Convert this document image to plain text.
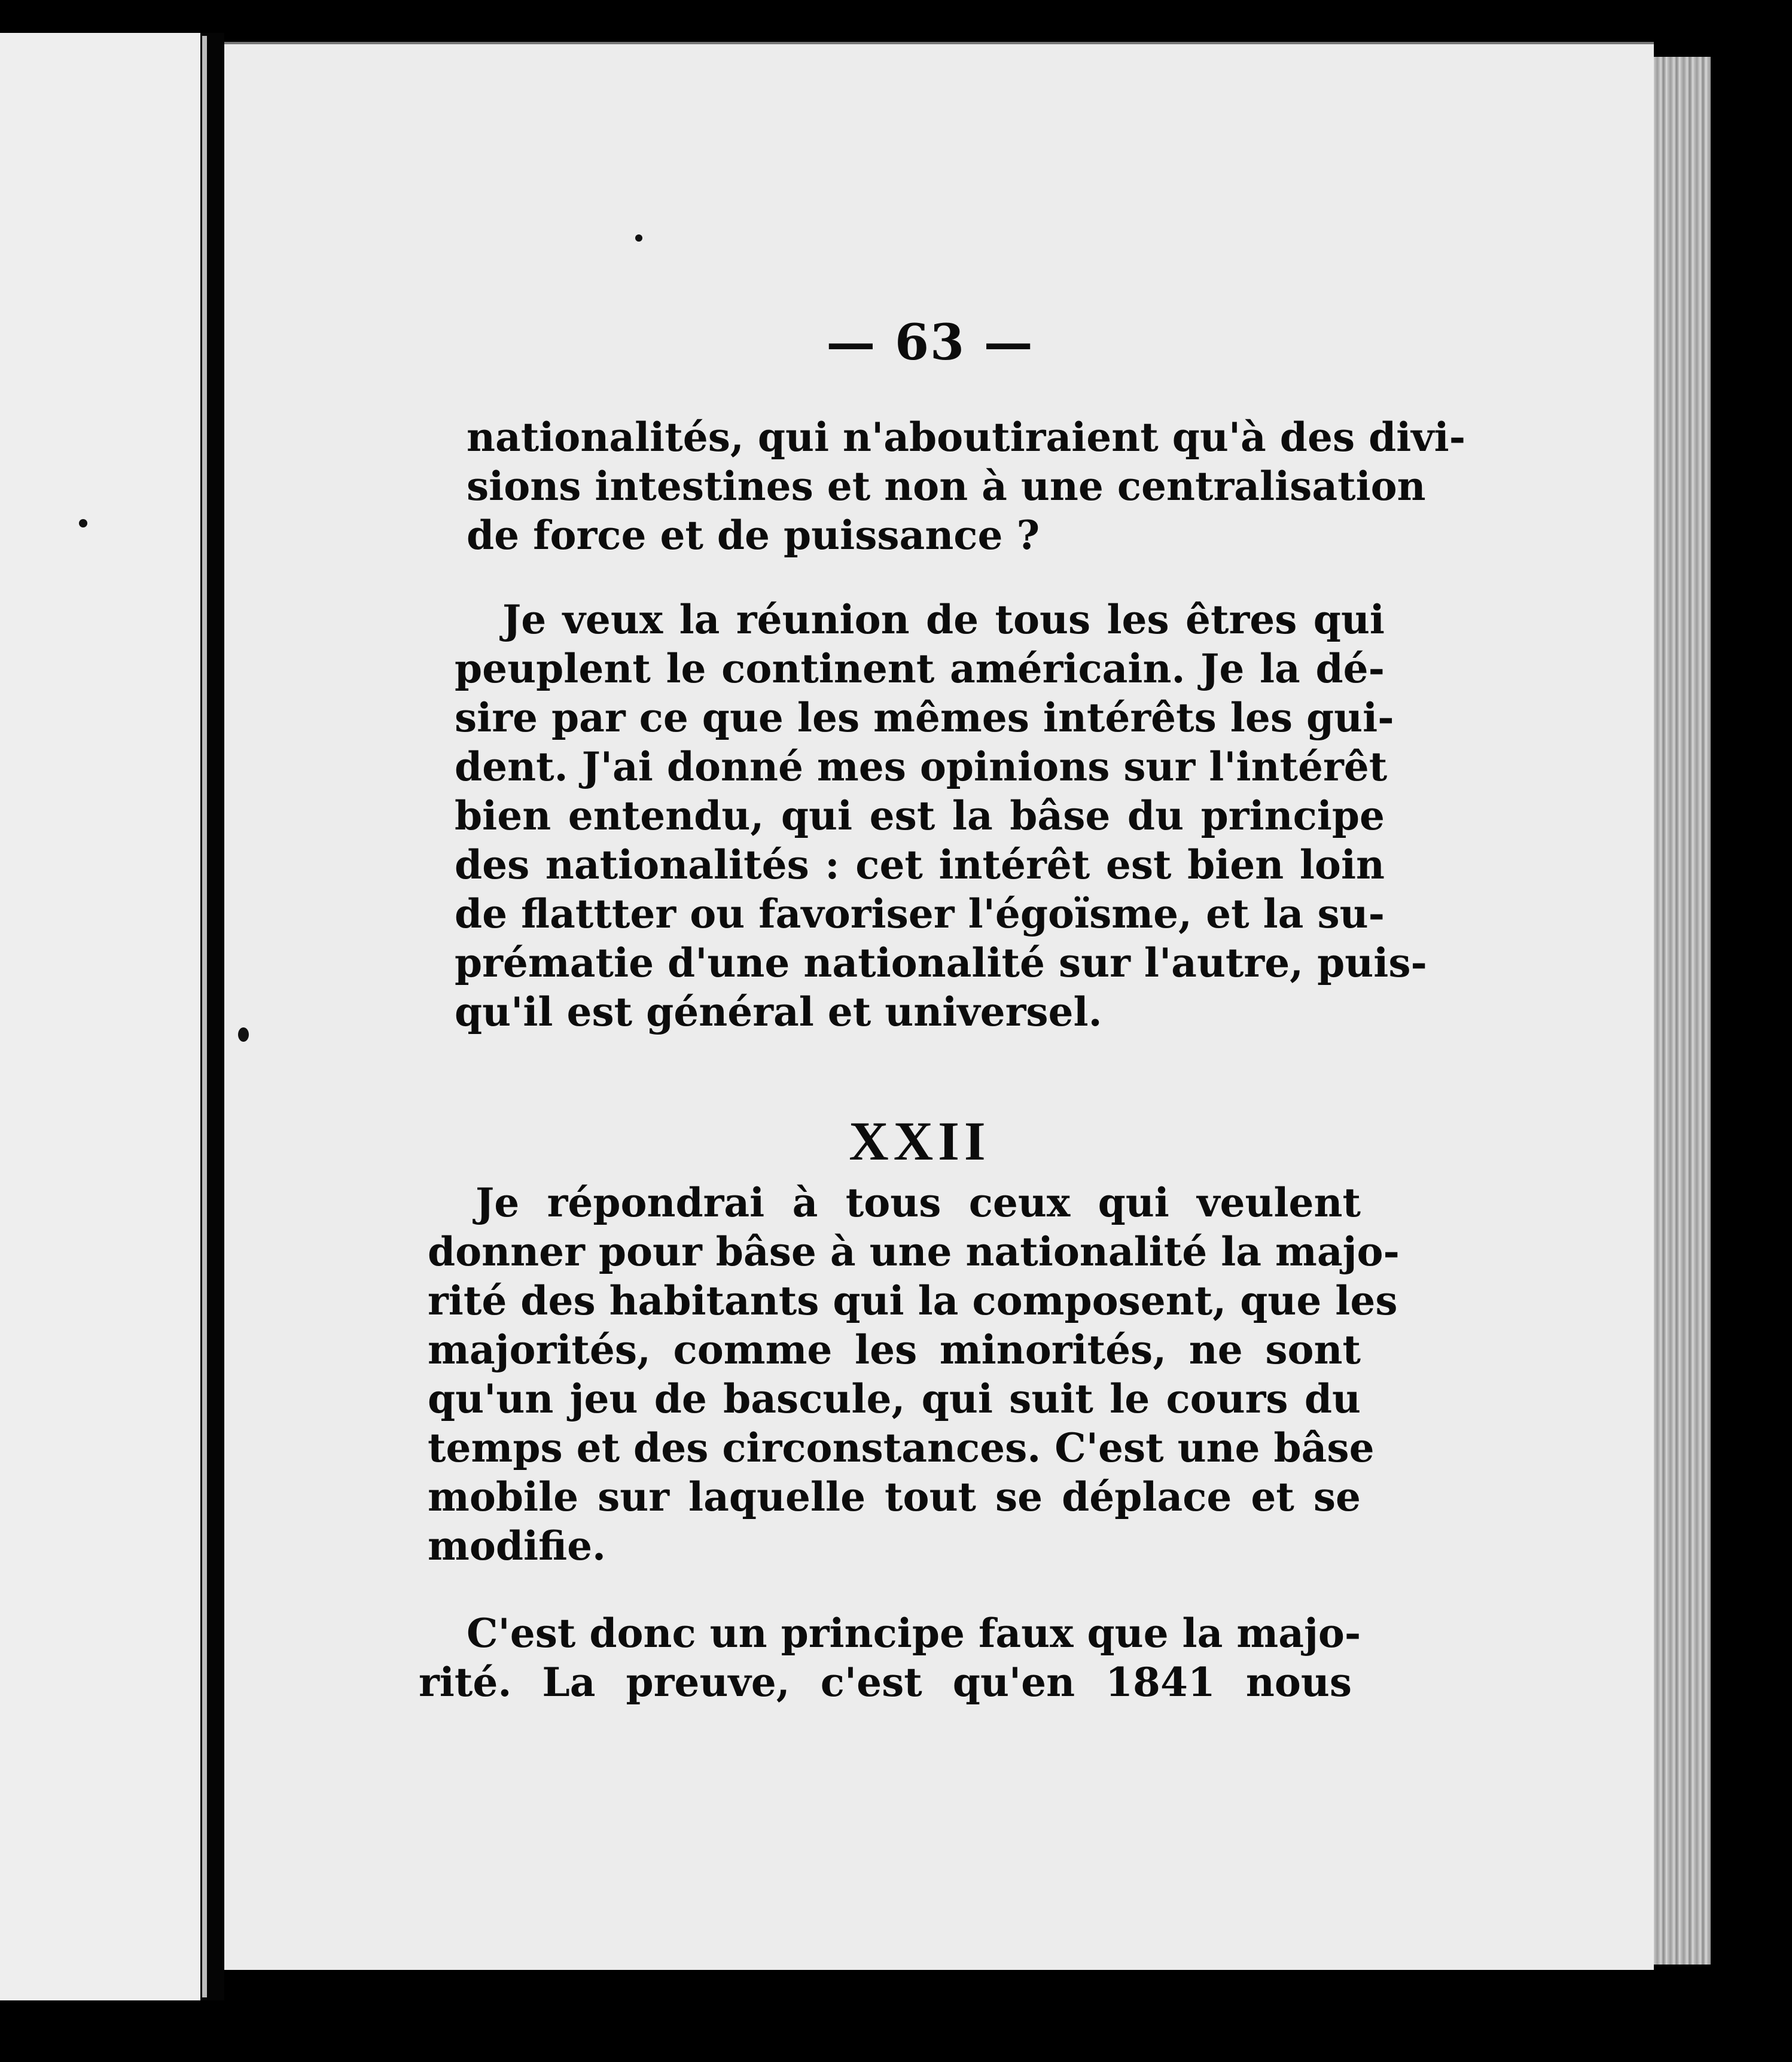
— 63 —
nationalités, qui n'aboutiraient qu'à des divi-
sions intestines et non à une centralisation
de force et de puissance ?
Je veux la réunion de tous les êtres qui
peuplent le continent américain. Je la dé-
sire par ce que les mêmes intérêts les gui-
dent. J'ai donné mes opinions sur l'intérêt
bien entendu, qui est la bâse du principe
des nationalités : cet intérêt est bien loin
de flattter ou favoriser l'égoïsme, et la su-
prématie d'une nationalité sur l'autre, puis-
qu'il est général et universel.
XXII
Je répondrai à tous ceux qui veulent
donner pour bâse à une nationalité la majo-
rité des habitants qui la composent, que les
majorités, comme les minorités, ne sont
qu'un jeu de bascule, qui suit le cours du
temps et des circonstances. C'est une bâse
mobile sur laquelle tout se déplace et se
modifie.
C'est donc un principe faux que la majo-
rité. La preuve, c'est qu'en 1841 nous
